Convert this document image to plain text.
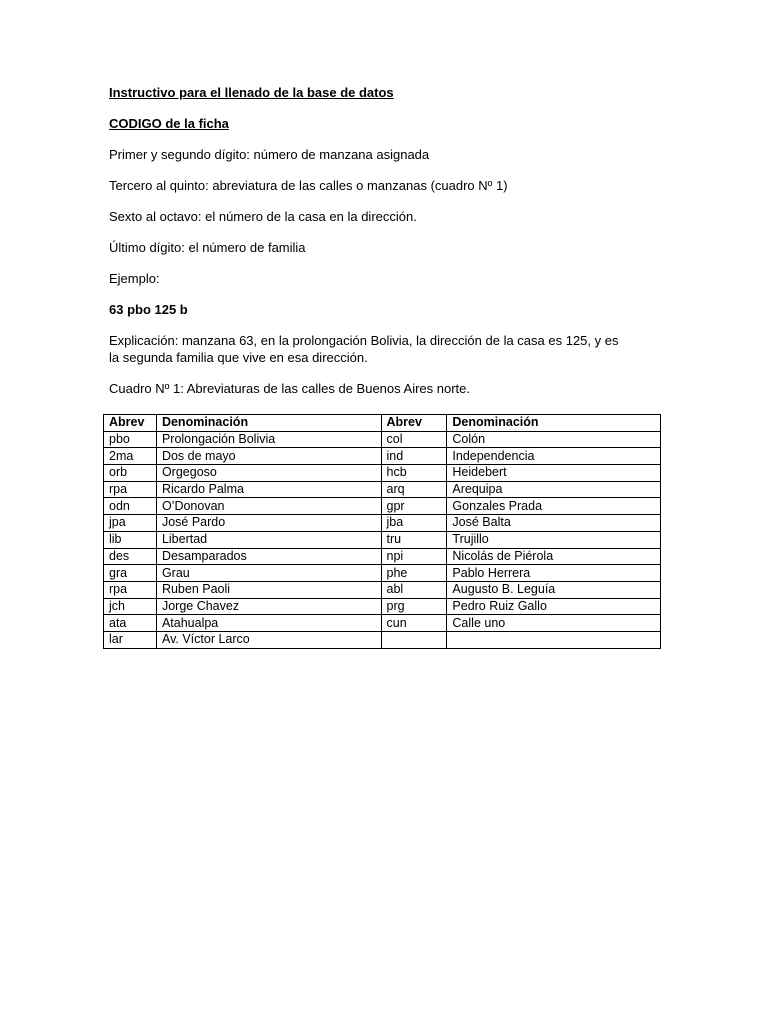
Instructivo para el llenado de la base de datos

CODIGO de la ficha

Primer y segundo dígito: número de manzana asignada

Tercero al quinto: abreviatura de las calles o manzanas (cuadro Nº 1)

Sexto al octavo: el número de la casa en la dirección.

Último dígito: el número de familia

Ejemplo:

63 pbo 125 b

Explicación: manzana 63, en la prolongación Bolivia, la dirección de la casa es 125, y es la segunda familia que vive en esa dirección.

Cuadro Nº 1: Abreviaturas de las calles de Buenos Aires norte.

Abrev	Denominación	Abrev	Denominación
pbo	Prolongación Bolivia	col	Colón
2ma	Dos de mayo	ind	Independencia
orb	Orgegoso	hcb	Heidebert
rpa	Ricardo Palma	arq	Arequipa
odn	O’Donovan	gpr	Gonzales Prada
jpa	José Pardo	jba	José Balta
lib	Libertad	tru	Trujillo
des	Desamparados	npi	Nicolás de Piérola
gra	Grau	phe	Pablo Herrera
rpa	Ruben Paoli	abl	Augusto B. Leguía
jch	Jorge Chavez	prg	Pedro Ruiz Gallo
ata	Atahualpa	cun	Calle uno
lar	Av. Víctor Larco		
